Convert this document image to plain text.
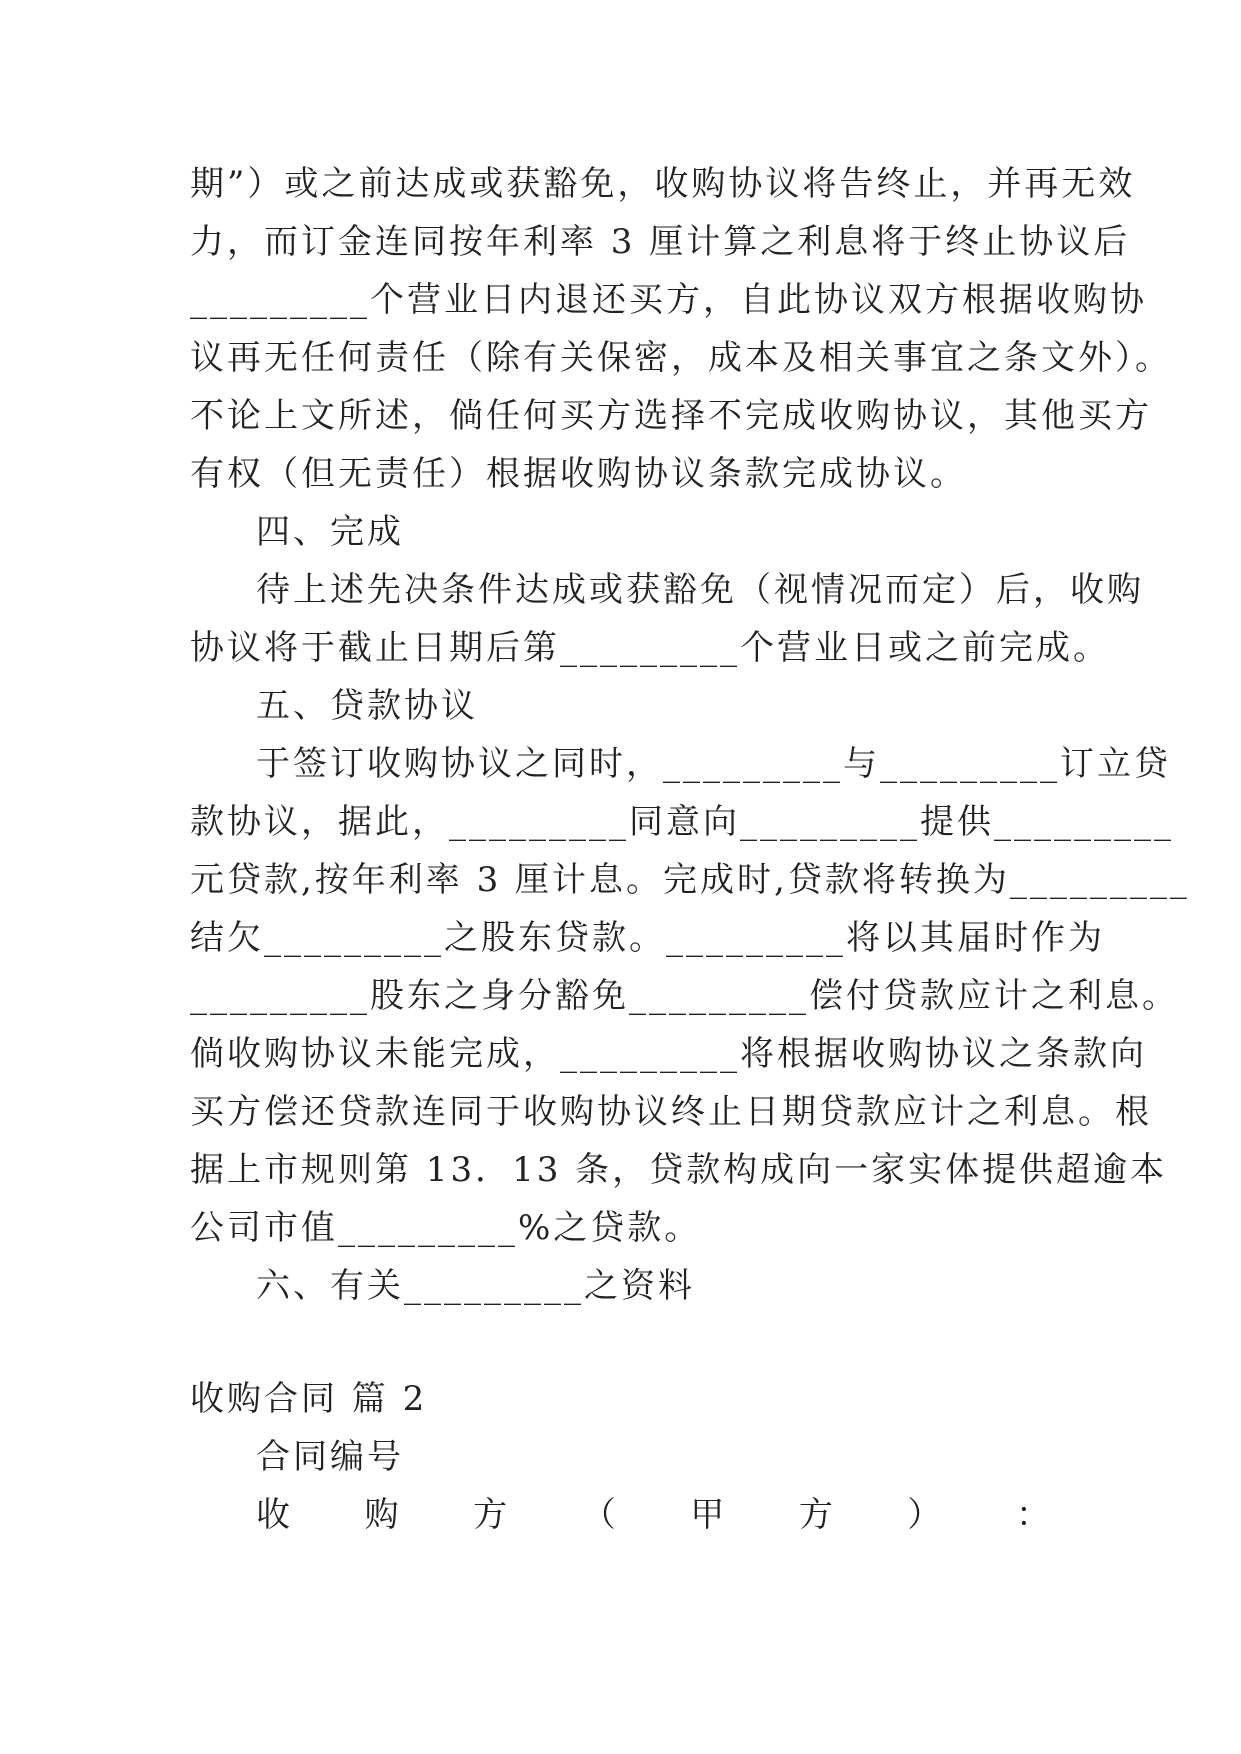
期”）或之前达成或获豁免，收购协议将告终止，并再无效
力，而订金连同按年利率 3 厘计算之利息将于终止协议后
_________个营业日内退还买方，自此协议双方根据收购协
议再无任何责任（除有关保密，成本及相关事宜之条文外）。
不论上文所述，倘任何买方选择不完成收购协议，其他买方
有权（但无责任）根据收购协议条款完成协议。
四、完成
待上述先决条件达成或获豁免（视情况而定）后，收购
协议将于截止日期后第_________个营业日或之前完成。
五、贷款协议
于签订收购协议之同时，_________与_________订立贷
款协议，据此，_________同意向_________提供_________
元贷款,按年利率 3 厘计息。完成时,贷款将转换为_________
结欠_________之股东贷款。_________将以其届时作为
_________股东之身分豁免_________偿付贷款应计之利息。
倘收购协议未能完成，_________将根据收购协议之条款向
买方偿还贷款连同于收购协议终止日期贷款应计之利息。根
据上市规则第 13．13 条，贷款构成向一家实体提供超逾本
公司市值_________%之贷款。
六、有关_________之资料
收购合同 篇 2
合同编号
收 购 方 （ 甲 方 ） ：
